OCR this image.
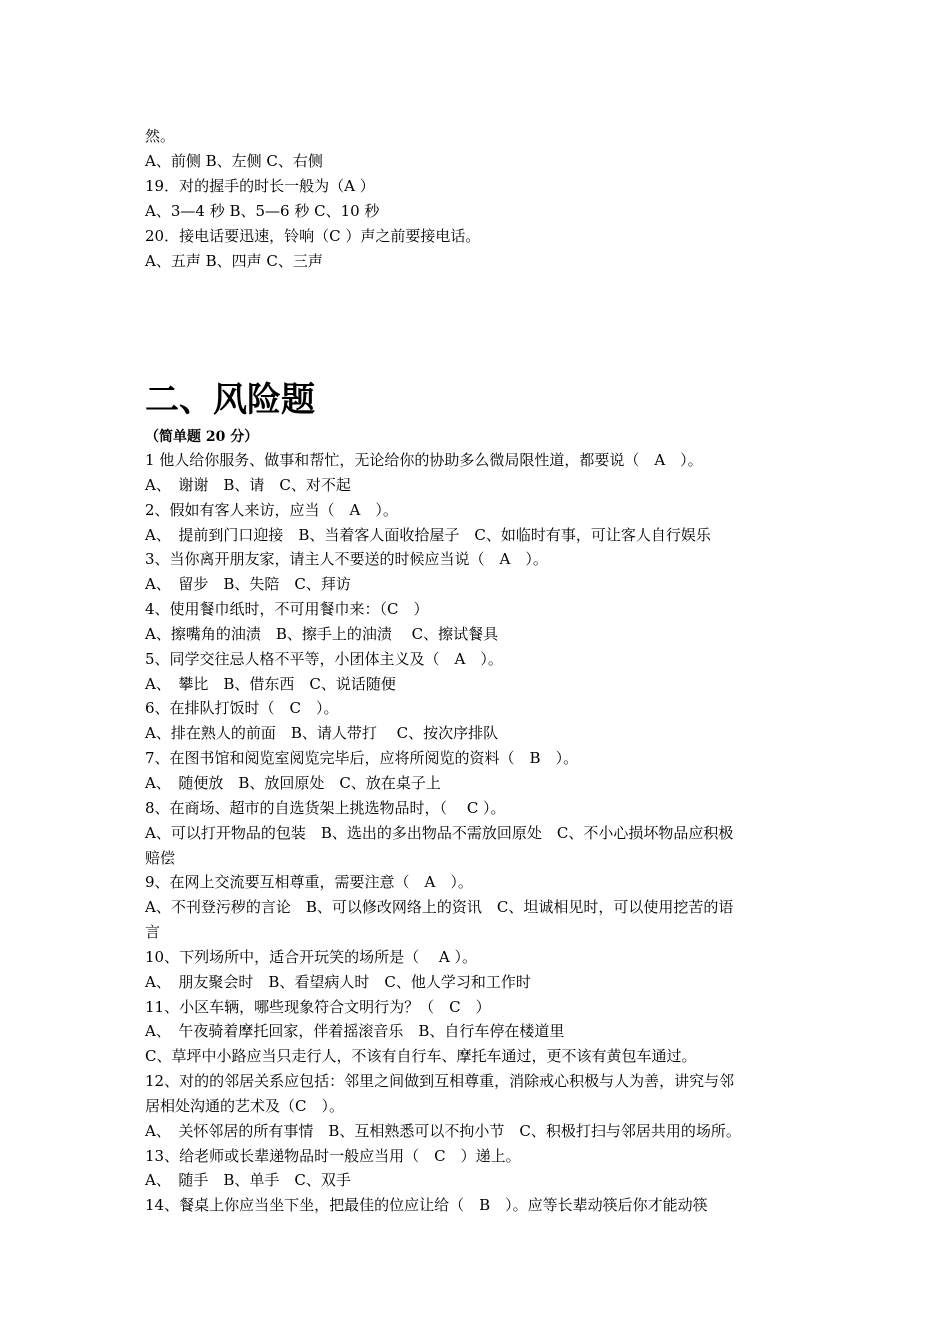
然。
A、前侧 B、左侧 C、右侧
19．对的握手的时长一般为（A ）
A、3—4 秒 B、5—6 秒 C、10 秒
20．接电话要迅速，铃响（C ）声之前要接电话。
A、五声 B、四声 C、三声
二、风险题
（简单题 20 分）
1 他人给你服务、做事和帮忙，无论给你的协助多么微局限性道，都要说（　A　）。
A、　谢谢　B、请　C、对不起
2、假如有客人来访，应当（　A　）。
A、　提前到门口迎接　B、当着客人面收拾屋子　C、如临时有事，可让客人自行娱乐
3、当你离开朋友家，请主人不要送的时候应当说（　A　）。
A、　留步　B、失陪　C、拜访
4、使用餐巾纸时，不可用餐巾来：（C　）
A、擦嘴角的油渍　B、擦手上的油渍　 C、擦试餐具
5、同学交往忌人格不平等，小团体主义及（　A　）。
A、　攀比　B、借东西　C、说话随便
6、在排队打饭时（　C　）。
A、排在熟人的前面　B、请人带打　 C、按次序排队
7、在图书馆和阅览室阅览完毕后，应将所阅览的资料（　B　）。
A、　随便放　B、放回原处　C、放在桌子上
8、在商场、超市的自选货架上挑选物品时，（　 C ）。
A、可以打开物品的包装　B、选出的多出物品不需放回原处　C、不小心损坏物品应积极
赔偿
9、在网上交流要互相尊重，需要注意（　A　）。
A、不刊登污秽的言论　B、可以修改网络上的资讯　C、坦诚相见时，可以使用挖苦的语
言
10、下列场所中，适合开玩笑的场所是（　 A ）。
A、　朋友聚会时　B、看望病人时　C、他人学习和工作时
11、小区车辆，哪些现象符合文明行为？（　C　）
A、　午夜骑着摩托回家，伴着摇滚音乐　B、自行车停在楼道里
C、草坪中小路应当只走行人，不该有自行车、摩托车通过，更不该有黄包车通过。
12、对的的邻居关系应包括：邻里之间做到互相尊重，消除戒心积极与人为善，讲究与邻
居相处沟通的艺术及（C　）。
A、　关怀邻居的所有事情　B、互相熟悉可以不拘小节　C、积极打扫与邻居共用的场所。
13、给老师或长辈递物品时一般应当用（　C　）递上。
A、　随手　B、单手　C、双手
14、餐桌上你应当坐下坐，把最佳的位应让给（　B　）。应等长辈动筷后你才能动筷
